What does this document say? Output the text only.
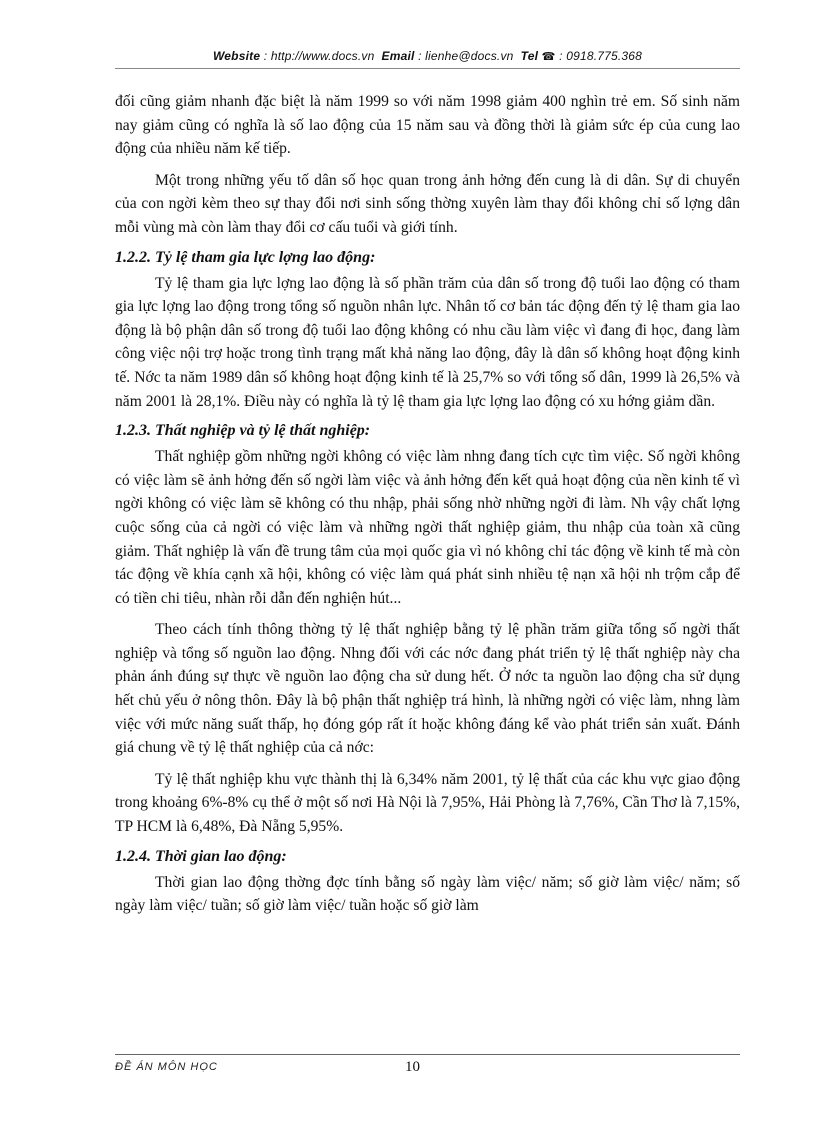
Website : http://www.docs.vn Email : lienhe@docs.vn Tel ☎ : 0918.775.368

đối cũng giảm nhanh đặc biệt là năm 1999 so với năm 1998 giảm 400 nghìn trẻ em. Số sinh năm nay giảm cũng có nghĩa là số lao động của 15 năm sau và đồng thời là giảm sức ép của cung lao động của nhiều năm kế tiếp.

Một trong những yếu tố dân số học quan trong ảnh hởng đến cung là di dân. Sự di chuyển của con ngời kèm theo sự thay đổi nơi sinh sống thờng xuyên làm thay đổi không chỉ số lợng dân mỗi vùng mà còn làm thay đổi cơ cấu tuổi và giới tính.

1.2.2. Tỷ lệ tham gia lực lợng lao động:

Tỷ lệ tham gia lực lợng lao động là số phần trăm của dân số trong độ tuổi lao động có tham gia lực lợng lao động trong tổng số nguồn nhân lực. Nhân tố cơ bản tác động đến tỷ lệ tham gia lao động là bộ phận dân số trong độ tuổi lao động không có nhu cầu làm việc vì đang đi học, đang làm công việc nội trợ hoặc trong tình trạng mất khả năng lao động, đây là dân số không hoạt động kinh tế. Nớc ta năm 1989 dân số không hoạt động kinh tế là 25,7% so với tổng số dân, 1999 là 26,5% và năm 2001 là 28,1%. Điều này có nghĩa là tỷ lệ tham gia lực lợng lao động có xu hớng giảm dần.

1.2.3. Thất nghiệp và tỷ lệ thất nghiệp:

Thất nghiệp gồm những ngời không có việc làm nhng đang tích cực tìm việc. Số ngời không có việc làm sẽ ảnh hởng đến số ngời làm việc và ảnh hởng đến kết quả hoạt động của nền kinh tế vì ngời không có việc làm sẽ không có thu nhập, phải sống nhờ những ngời đi làm. Nh vậy chất lợng cuộc sống của cả ngời có việc làm và những ngời thất nghiệp giảm, thu nhập của toàn xã cũng giảm. Thất nghiệp là vấn đề trung tâm của mọi quốc gia vì nó không chỉ tác động về kinh tế mà còn tác động về khía cạnh xã hội, không có việc làm quá phát sinh nhiều tệ nạn xã hội nh trộm cắp để có tiền chi tiêu, nhàn rỗi dẫn đến nghiện hút...

Theo cách tính thông thờng tỷ lệ thất nghiệp bằng tỷ lệ phần trăm giữa tổng số ngời thất nghiệp và tổng số nguồn lao động. Nhng đối với các nớc đang phát triển tỷ lệ thất nghiệp này cha phản ánh đúng sự thực về nguồn lao động cha sử dung hết. Ở nớc ta nguồn lao động cha sử dụng hết chủ yếu ở nông thôn. Đây là bộ phận thất nghiệp trá hình, là những ngời có việc làm, nhng làm việc với mức năng suất thấp, họ đóng góp rất ít hoặc không đáng kể vào phát triển sản xuất. Đánh giá chung về tỷ lệ thất nghiệp của cả nớc:

Tỷ lệ thất nghiệp khu vực thành thị là 6,34% năm 2001, tỷ lệ thất của các khu vực giao động trong khoảng 6%-8% cụ thể ở một số nơi Hà Nội là 7,95%, Hải Phòng là 7,76%, Cần Thơ là 7,15%, TP HCM là 6,48%, Đà Nẵng 5,95%.

1.2.4. Thời gian lao động:

Thời gian lao động thờng đợc tính bằng số ngày làm việc/ năm; số giờ làm việc/ năm; số ngày làm việc/ tuần; số giờ làm việc/ tuần hoặc số giờ làm

ĐỀ ÁN MÔN HỌC	10
